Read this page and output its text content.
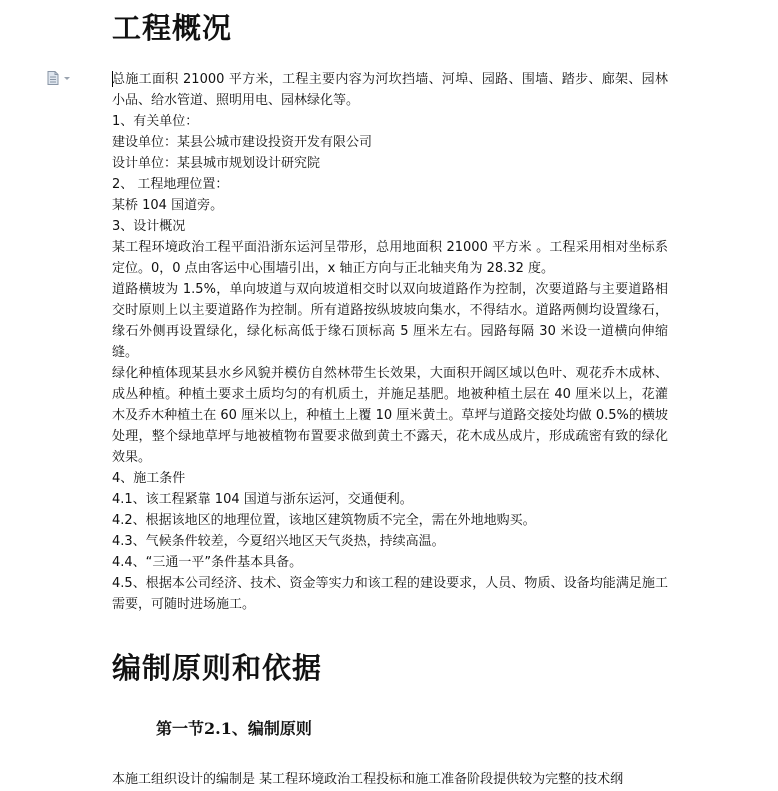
工程概况

总施工面积 21000 平方米，工程主要内容为河坎挡墙、河埠、园路、围墙、踏步、廊架、园林小品、给水管道、照明用电、园林绿化等。

1、有关单位：

建设单位：某县公城市建设投资开发有限公司

设计单位：某县城市规划设计研究院

2、 工程地理位置：

某桥 104 国道旁。

3、设计概况

某工程环境政治工程平面沿浙东运河呈带形，总用地面积 21000 平方米 。工程采用相对坐标系定位。0，0 点由客运中心围墙引出，x 轴正方向与正北轴夹角为 28.32 度。

道路横坡为 1.5%，单向坡道与双向坡道相交时以双向坡道路作为控制，次要道路与主要道路相交时原则上以主要道路作为控制。所有道路按纵坡坡向集水，不得结水。道路两侧均设置缘石，缘石外侧再设置绿化，绿化标高低于缘石顶标高 5 厘米左右。园路每隔 30 米设一道横向伸缩缝。

绿化种植体现某县水乡风貌并模仿自然林带生长效果，大面积开阔区域以色叶、观花乔木成林、成丛种植。种植土要求土质均匀的有机质土，并施足基肥。地被种植土层在 40 厘米以上，花灌木及乔木种植土在 60 厘米以上，种植土上覆 10 厘米黄土。草坪与道路交接处均做 0.5%的横坡处理，整个绿地草坪与地被植物布置要求做到黄土不露天，花木成丛成片，形成疏密有致的绿化效果。

4、施工条件

4.1、该工程紧靠 104 国道与浙东运河，交通便利。

4.2、根据该地区的地理位置，该地区建筑物质不完全，需在外地地购买。

4.3、气候条件较差，今夏绍兴地区天气炎热，持续高温。

4.4、“三通一平”条件基本具备。

4.5、根据本公司经济、技术、资金等实力和该工程的建设要求，人员、物质、设备均能满足施工需要，可随时进场施工。

编制原则和依据
第一节2.1、编制原则
本施工组织设计的编制是 某工程环境政治工程投标和施工准备阶段提供较为完整的技术纲
